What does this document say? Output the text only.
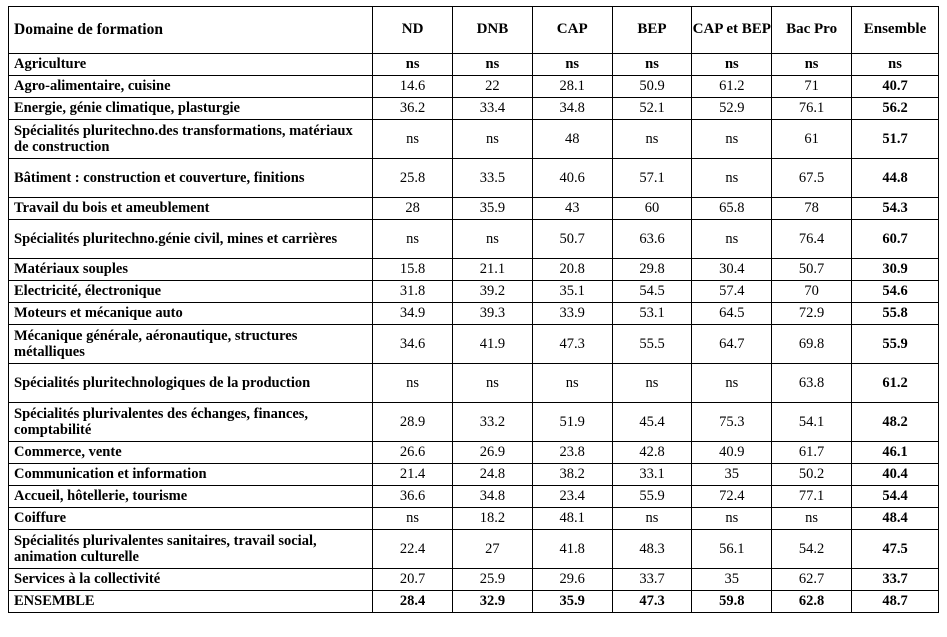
Domaine de formation	ND	DNB	CAP	BEP	CAP et BEP	Bac Pro	Ensemble
Agriculture	ns	ns	ns	ns	ns	ns	ns
Agro-alimentaire, cuisine	14.6	22	28.1	50.9	61.2	71	40.7
Energie, génie climatique, plasturgie	36.2	33.4	34.8	52.1	52.9	76.1	56.2
Spécialités pluritechno.des transformations, matériaux de construction	ns	ns	48	ns	ns	61	51.7
Bâtiment : construction et couverture, finitions	25.8	33.5	40.6	57.1	ns	67.5	44.8
Travail du bois et ameublement	28	35.9	43	60	65.8	78	54.3
Spécialités pluritechno.génie civil, mines et carrières	ns	ns	50.7	63.6	ns	76.4	60.7
Matériaux souples	15.8	21.1	20.8	29.8	30.4	50.7	30.9
Electricité, électronique	31.8	39.2	35.1	54.5	57.4	70	54.6
Moteurs et mécanique auto	34.9	39.3	33.9	53.1	64.5	72.9	55.8
Mécanique générale, aéronautique, structures métalliques	34.6	41.9	47.3	55.5	64.7	69.8	55.9
Spécialités pluritechnologiques de la production	ns	ns	ns	ns	ns	63.8	61.2
Spécialités plurivalentes des échanges, finances, comptabilité	28.9	33.2	51.9	45.4	75.3	54.1	48.2
Commerce, vente	26.6	26.9	23.8	42.8	40.9	61.7	46.1
Communication et information	21.4	24.8	38.2	33.1	35	50.2	40.4
Accueil, hôtellerie, tourisme	36.6	34.8	23.4	55.9	72.4	77.1	54.4
Coiffure	ns	18.2	48.1	ns	ns	ns	48.4
Spécialités plurivalentes sanitaires, travail social, animation culturelle	22.4	27	41.8	48.3	56.1	54.2	47.5
Services à la collectivité	20.7	25.9	29.6	33.7	35	62.7	33.7
ENSEMBLE	28.4	32.9	35.9	47.3	59.8	62.8	48.7
